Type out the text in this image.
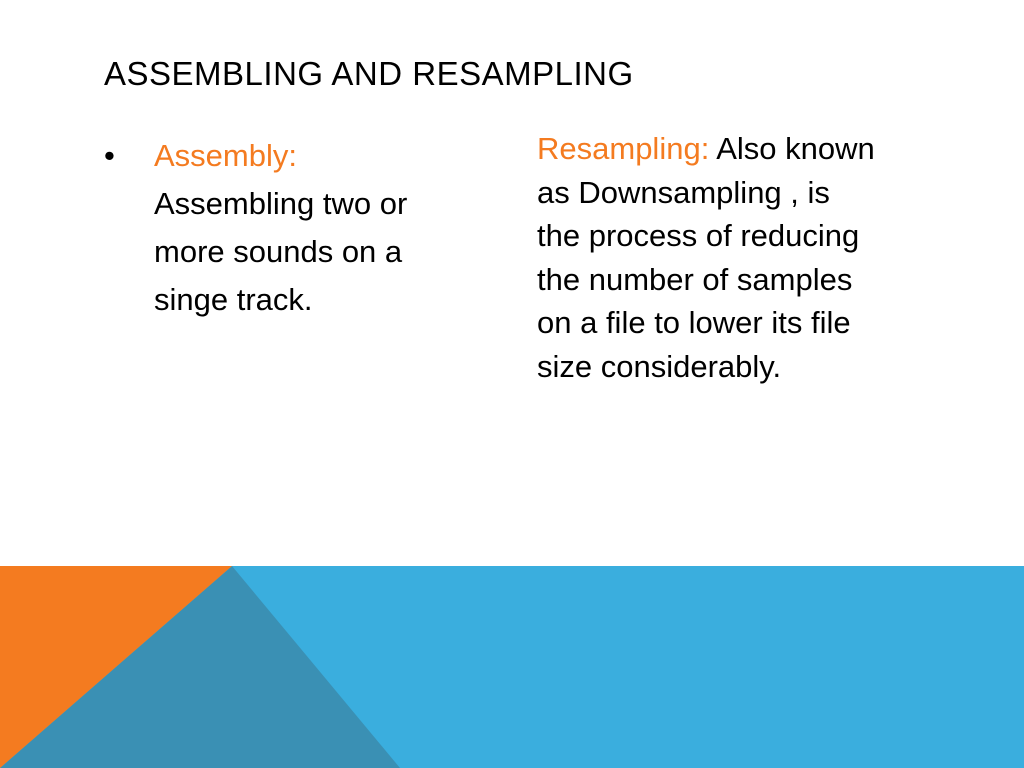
ASSEMBLING AND RESAMPLING
•	Assembly: Assembling two or more sounds on a singe track.
Resampling: Also known as Downsampling , is the process of reducing the number of samples on a file to lower its file size considerably.
